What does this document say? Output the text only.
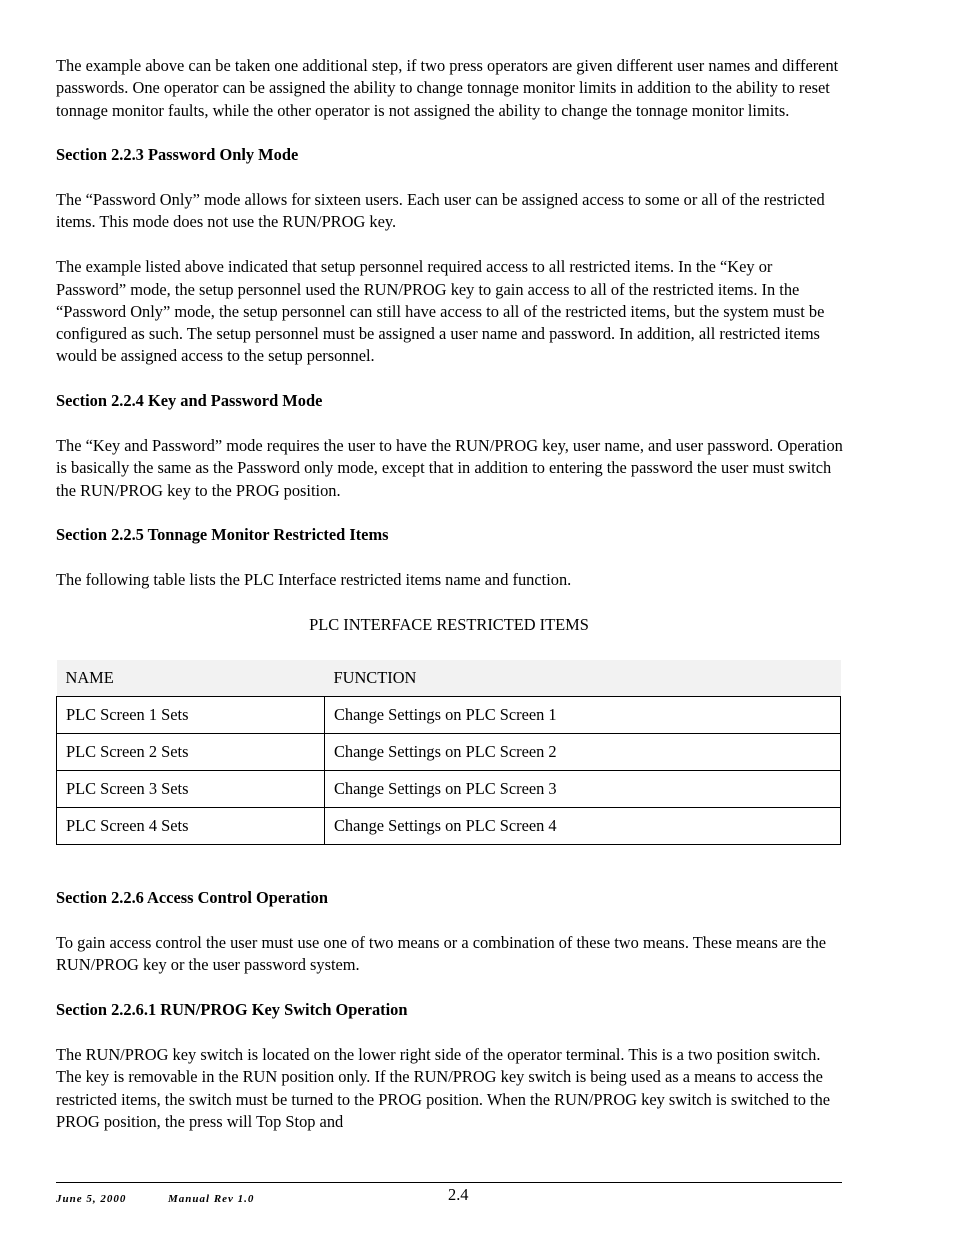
The example above can be taken one additional step, if two press operators are given different user names and different passwords. One operator can be assigned the ability to change tonnage monitor limits in addition to the ability to reset tonnage monitor faults, while the other operator is not assigned the ability to change the tonnage monitor limits.

Section 2.2.3 Password Only Mode

The “Password Only” mode allows for sixteen users. Each user can be assigned access to some or all of the restricted items. This mode does not use the RUN/PROG key.

The example listed above indicated that setup personnel required access to all restricted items. In the “Key or Password” mode, the setup personnel used the RUN/PROG key to gain access to all of the restricted items. In the “Password Only” mode, the setup personnel can still have access to all of the restricted items, but the system must be configured as such. The setup personnel must be assigned a user name and password. In addition, all restricted items would be assigned access to the setup personnel.

Section 2.2.4 Key and Password Mode

The “Key and Password” mode requires the user to have the RUN/PROG key, user name, and user password. Operation is basically the same as the Password only mode, except that in addition to entering the password the user must switch the RUN/PROG key to the PROG position.

Section 2.2.5 Tonnage Monitor Restricted Items

The following table lists the PLC Interface restricted items name and function.

PLC INTERFACE RESTRICTED ITEMS

NAME	FUNCTION
PLC Screen 1 Sets	Change Settings on PLC Screen 1
PLC Screen 2 Sets	Change Settings on PLC Screen 2
PLC Screen 3 Sets	Change Settings on PLC Screen 3
PLC Screen 4 Sets	Change Settings on PLC Screen 4

Section 2.2.6 Access Control Operation

To gain access control the user must use one of two means or a combination of these two means. These means are the RUN/PROG key or the user password system.

Section 2.2.6.1 RUN/PROG Key Switch Operation

The RUN/PROG key switch is located on the lower right side of the operator terminal. This is a two position switch. The key is removable in the RUN position only. If the RUN/PROG key switch is being used as a means to access the restricted items, the switch must be turned to the PROG position. When the RUN/PROG key switch is switched to the PROG position, the press will Top Stop and

June 5, 2000	Manual Rev 1.0	2.4
